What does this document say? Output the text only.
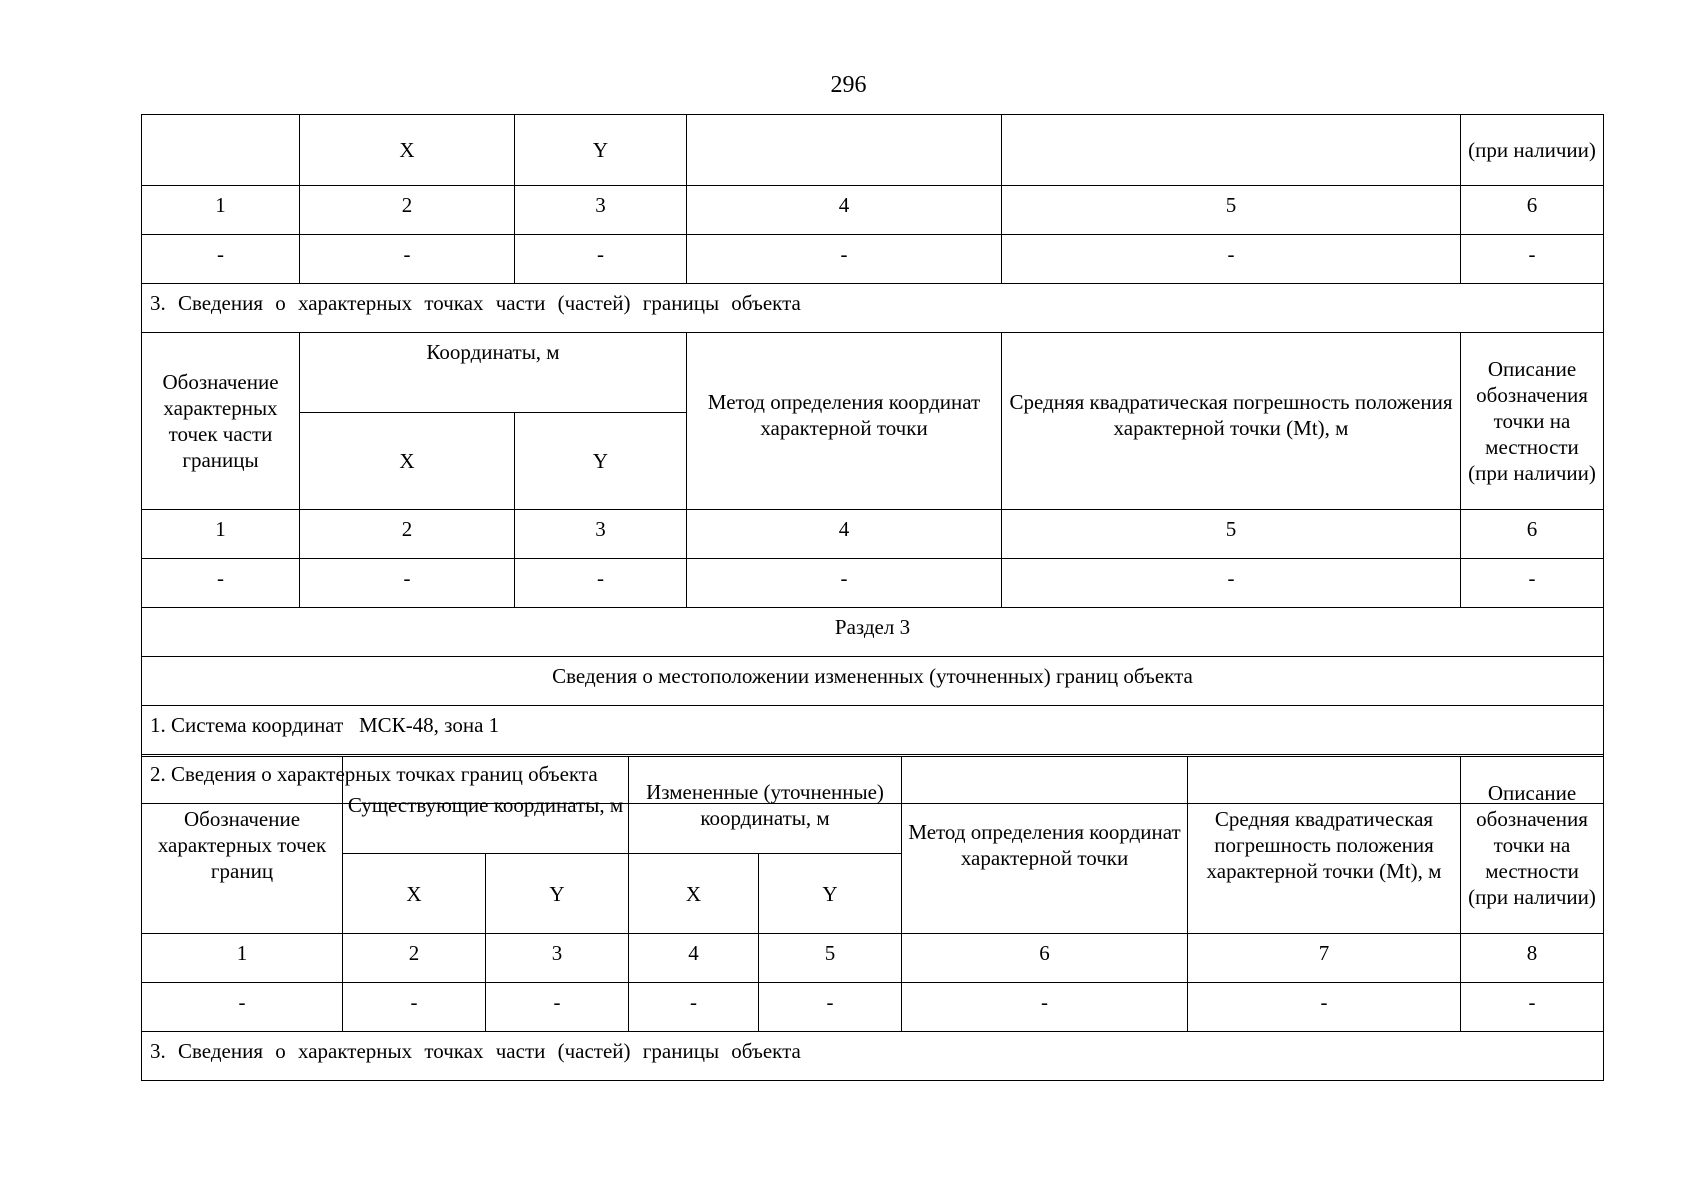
296
	X	Y			(при наличии)
1	2	3	4	5	6
-	-	-	-	-	-
3. Сведения о характерных точках части (частей) границы объекта					
Обозначение характерных точек части границы	Координаты, м		Метод определения координат характерной точки	Средняя квадратическая погрешность положения характерной точки (Mt), м	Описание обозначения точки на местности (при наличии)
	X	Y			
1	2	3	4	5	6
-	-	-	-	-	-
Раздел 3					
Сведения о местоположении измененных (уточненных) границ объекта					
1. Система координат   МСК-48, зона 1					
2. Сведения о характерных точках границ объекта					
Обозначение характерных точек границ	Существующие координаты, м		Измененные (уточненные) координаты, м		Метод определения координат характерной точки	Средняя квадратическая погрешность положения характерной точки (Mt), м	Описание обозначения точки на местности (при наличии)
	X	Y	X	Y			
1	2	3	4	5	6	7	8
-	-	-	-	-	-	-	-
3. Сведения о характерных точках части (частей) границы объекта							
